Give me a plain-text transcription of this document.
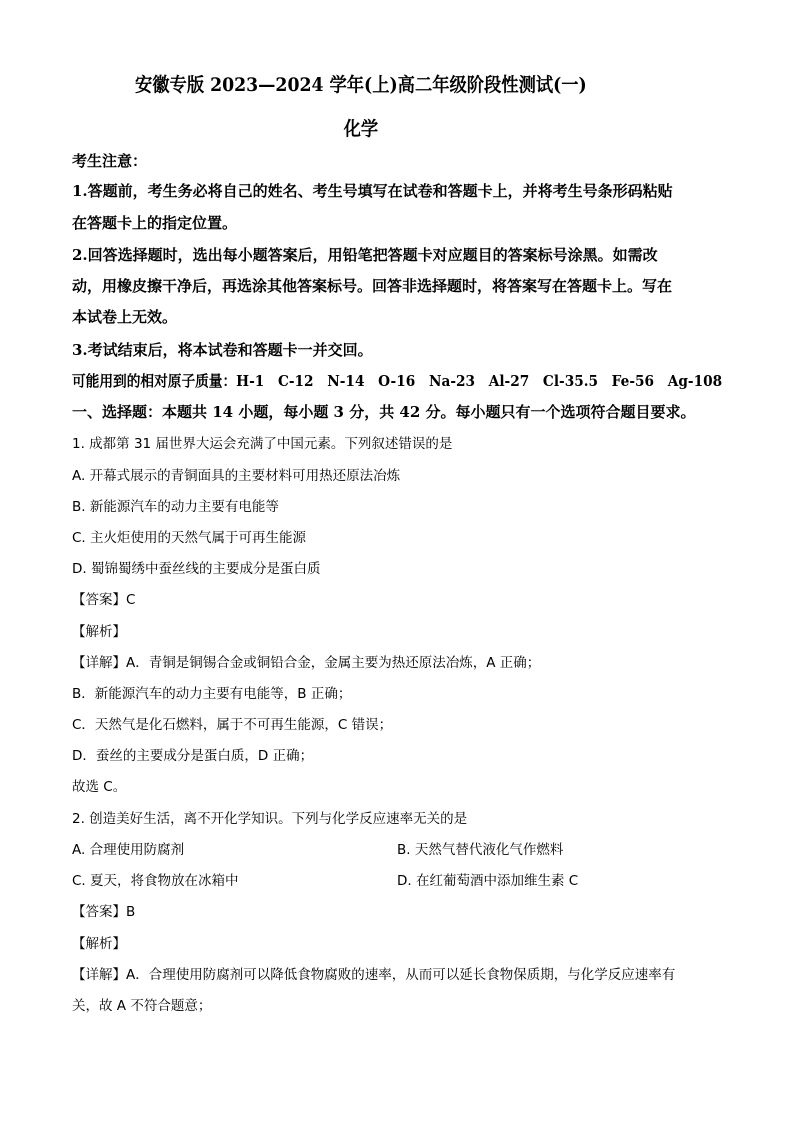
安徽专版 2023—2024 学年(上)高二年级阶段性测试(一)
化学
考生注意：
1.答题前，考生务必将自己的姓名、考生号填写在试卷和答题卡上，并将考生号条形码粘贴
在答题卡上的指定位置。
2.回答选择题时，选出每小题答案后，用铅笔把答题卡对应题目的答案标号涂黑。如需改
动，用橡皮擦干净后，再选涂其他答案标号。回答非选择题时，将答案写在答题卡上。写在
本试卷上无效。
3.考试结束后，将本试卷和答题卡一并交回。
可能用到的相对原子质量：H-1　C-12　N-14　O-16　Na-23　Al-27　Cl-35.5　Fe-56　Ag-108
一、选择题：本题共 14 小题，每小题 3 分，共 42 分。每小题只有一个选项符合题目要求。
1. 成都第 31 届世界大运会充满了中国元素。下列叙述错误的是
A. 开幕式展示的青铜面具的主要材料可用热还原法冶炼
B. 新能源汽车的动力主要有电能等
C. 主火炬使用的天然气属于可再生能源
D. 蜀锦蜀绣中蚕丝线的主要成分是蛋白质
【答案】C
【解析】
【详解】A．青铜是铜锡合金或铜铅合金，金属主要为热还原法冶炼，A 正确；
B．新能源汽车的动力主要有电能等，B 正确；
C．天然气是化石燃料，属于不可再生能源，C 错误；
D．蚕丝的主要成分是蛋白质，D 正确；
故选 C。
2. 创造美好生活，离不开化学知识。下列与化学反应速率无关的是
A. 合理使用防腐剂	B. 天然气替代液化气作燃料
C. 夏天，将食物放在冰箱中	D. 在红葡萄酒中添加维生素 C
【答案】B
【解析】
【详解】A．合理使用防腐剂可以降低食物腐败的速率，从而可以延长食物保质期，与化学反应速率有
关，故 A 不符合题意；
